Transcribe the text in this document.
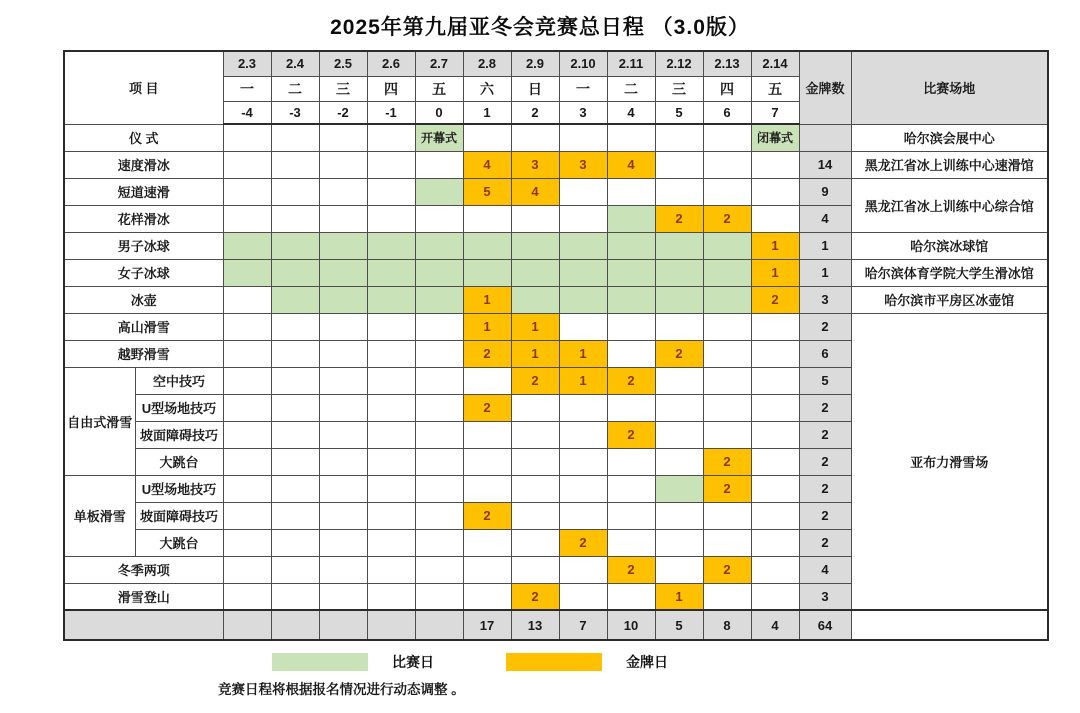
2025年第九届亚冬会竞赛总日程 （3.0版）
项 目		2.3	2.4	2.5	2.6	2.7	2.8	2.9	2.10	2.11	2.12	2.13	2.14	金牌数	比赛场地
		一	二	三	四	五	六	日	一	二	三	四	五		
		-4	-3	-2	-1	0	1	2	3	4	5	6	7		
仪 式						开幕式							闭幕式		哈尔滨会展中心
速度滑冰							4	3	3	4				14	黑龙江省冰上训练中心速滑馆
短道速滑							5	4						9	黑龙江省冰上训练中心综合馆
花样滑冰											2	2		4	
男子冰球													1	1	哈尔滨冰球馆
女子冰球													1	1	哈尔滨体育学院大学生滑冰馆
冰壶							1						2	3	哈尔滨市平房区冰壶馆
高山滑雪							1	1						2	亚布力滑雪场
越野滑雪							2	1	1		2			6	
自由式滑雪	空中技巧							2	1	2				5	
	U型场地技巧						2							2	
	坡面障碍技巧									2				2	
	大跳台											2		2	
单板滑雪	U型场地技巧											2		2	
	坡面障碍技巧						2							2	
	大跳台								2					2	
冬季两项										2		2		4	
滑雪登山								2			1			3	
							17	13	7	10	5	8	4	64	
比赛日	金牌日
竞赛日程将根据报名情况进行动态调整 。
